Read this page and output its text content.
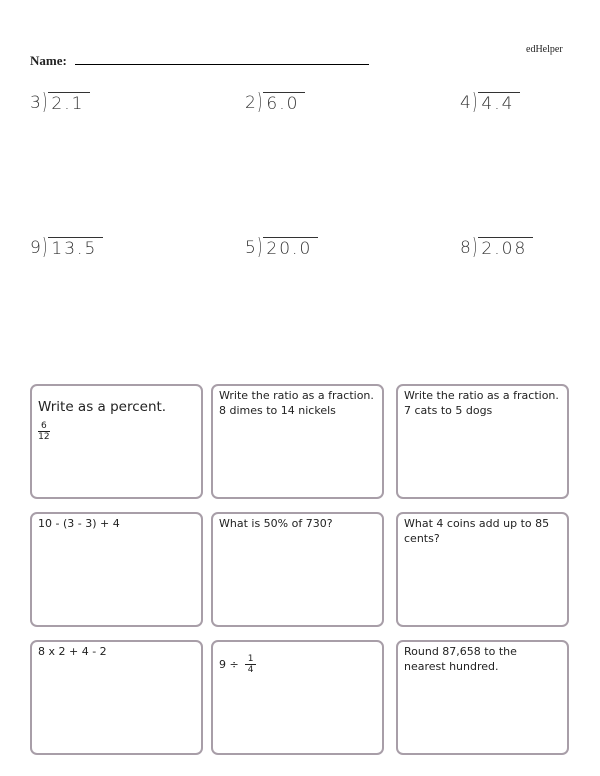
edHelper
Name:
3 ) 2.1	2 ) 6.0	4 ) 4.4
9 ) 13.5	5 ) 20.0	8 ) 2.08
Write as a percent.
$\frac{6}{12}$
Write the ratio as a fraction.
8 dimes to 14 nickels
Write the ratio as a fraction.
7 cats to 5 dogs
10 - (3 - 3) + 4	What is 50% of 730?	What 4 coins add up to 85 cents?
8 x 2 + 4 - 2
$9 \div \frac{1}{4}$
Round 87,658 to the nearest hundred.
